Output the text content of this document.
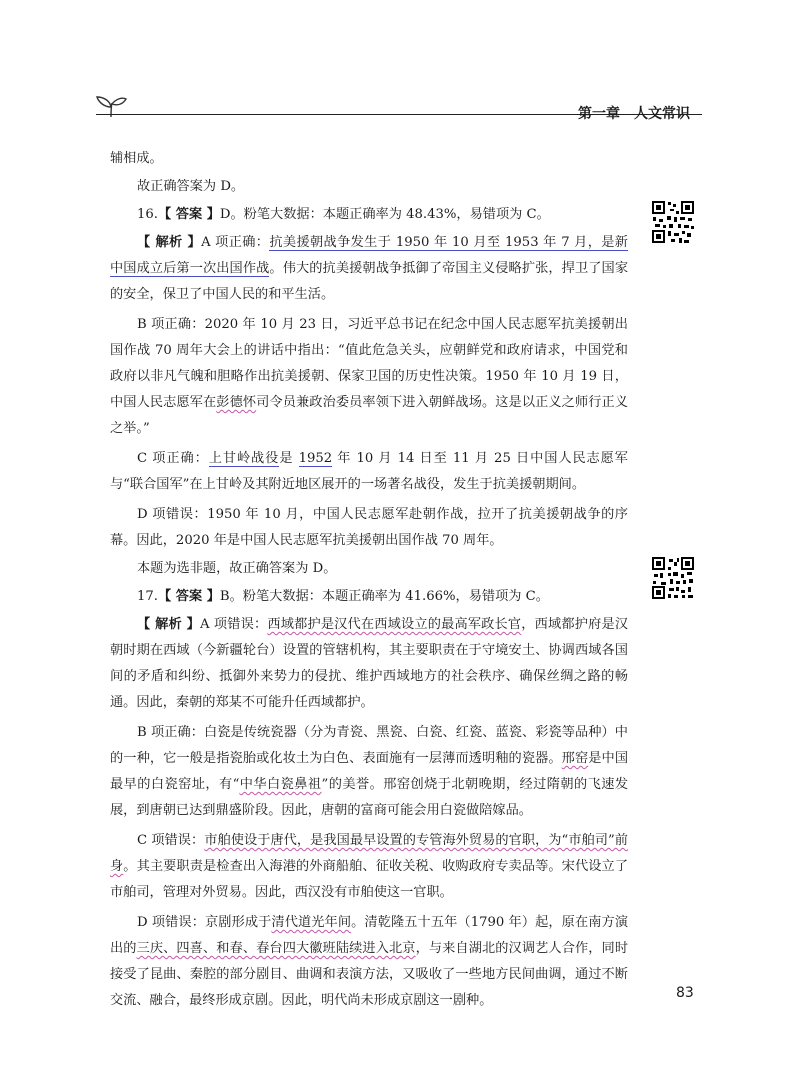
第一章 人文常识

辅相成。

故正确答案为 D。

16.【 答案 】D。粉笔大数据：本题正确率为 48.43%，易错项为 C。

【 解析 】A 项正确：抗美援朝战争发生于 1950 年 10 月至 1953 年 7 月，是新中国成立后第一次出国作战。伟大的抗美援朝战争抵御了帝国主义侵略扩张，捍卫了国家的安全，保卫了中国人民的和平生活。

B 项正确：2020 年 10 月 23 日，习近平总书记在纪念中国人民志愿军抗美援朝出国作战 70 周年大会上的讲话中指出：“值此危急关头，应朝鲜党和政府请求，中国党和政府以非凡气魄和胆略作出抗美援朝、保家卫国的历史性决策。1950 年 10 月 19 日，中国人民志愿军在彭德怀司令员兼政治委员率领下进入朝鲜战场。这是以正义之师行正义之举。”

C 项正确：上甘岭战役是 1952 年 10 月 14 日至 11 月 25 日中国人民志愿军与“联合国军”在上甘岭及其附近地区展开的一场著名战役，发生于抗美援朝期间。

D 项错误：1950 年 10 月，中国人民志愿军赴朝作战，拉开了抗美援朝战争的序幕。因此，2020 年是中国人民志愿军抗美援朝出国作战 70 周年。

本题为选非题，故正确答案为 D。

17.【 答案 】B。粉笔大数据：本题正确率为 41.66%，易错项为 C。

【 解析 】A 项错误：西域都护是汉代在西域设立的最高军政长官，西域都护府是汉朝时期在西域（今新疆轮台）设置的管辖机构，其主要职责在于守境安土、协调西域各国间的矛盾和纠纷、抵御外来势力的侵扰、维护西域地方的社会秩序、确保丝绸之路的畅通。因此，秦朝的郑某不可能升任西域都护。

B 项正确：白瓷是传统瓷器（分为青瓷、黑瓷、白瓷、红瓷、蓝瓷、彩瓷等品种）中的一种，它一般是指瓷胎或化妆土为白色、表面施有一层薄而透明釉的瓷器。邢窑是中国最早的白瓷窑址，有“中华白瓷鼻祖”的美誉。邢窑创烧于北朝晚期，经过隋朝的飞速发展，到唐朝已达到鼎盛阶段。因此，唐朝的富商可能会用白瓷做陪嫁品。

C 项错误：市舶使设于唐代，是我国最早设置的专管海外贸易的官职，为“市舶司”前身。其主要职责是检查出入海港的外商船舶、征收关税、收购政府专卖品等。宋代设立了市舶司，管理对外贸易。因此，西汉没有市舶使这一官职。

D 项错误：京剧形成于清代道光年间。清乾隆五十五年（1790 年）起，原在南方演出的三庆、四喜、和春、春台四大徽班陆续进入北京，与来自湖北的汉调艺人合作，同时接受了昆曲、秦腔的部分剧目、曲调和表演方法，又吸收了一些地方民间曲调，通过不断交流、融合，最终形成京剧。因此，明代尚未形成京剧这一剧种。	83
